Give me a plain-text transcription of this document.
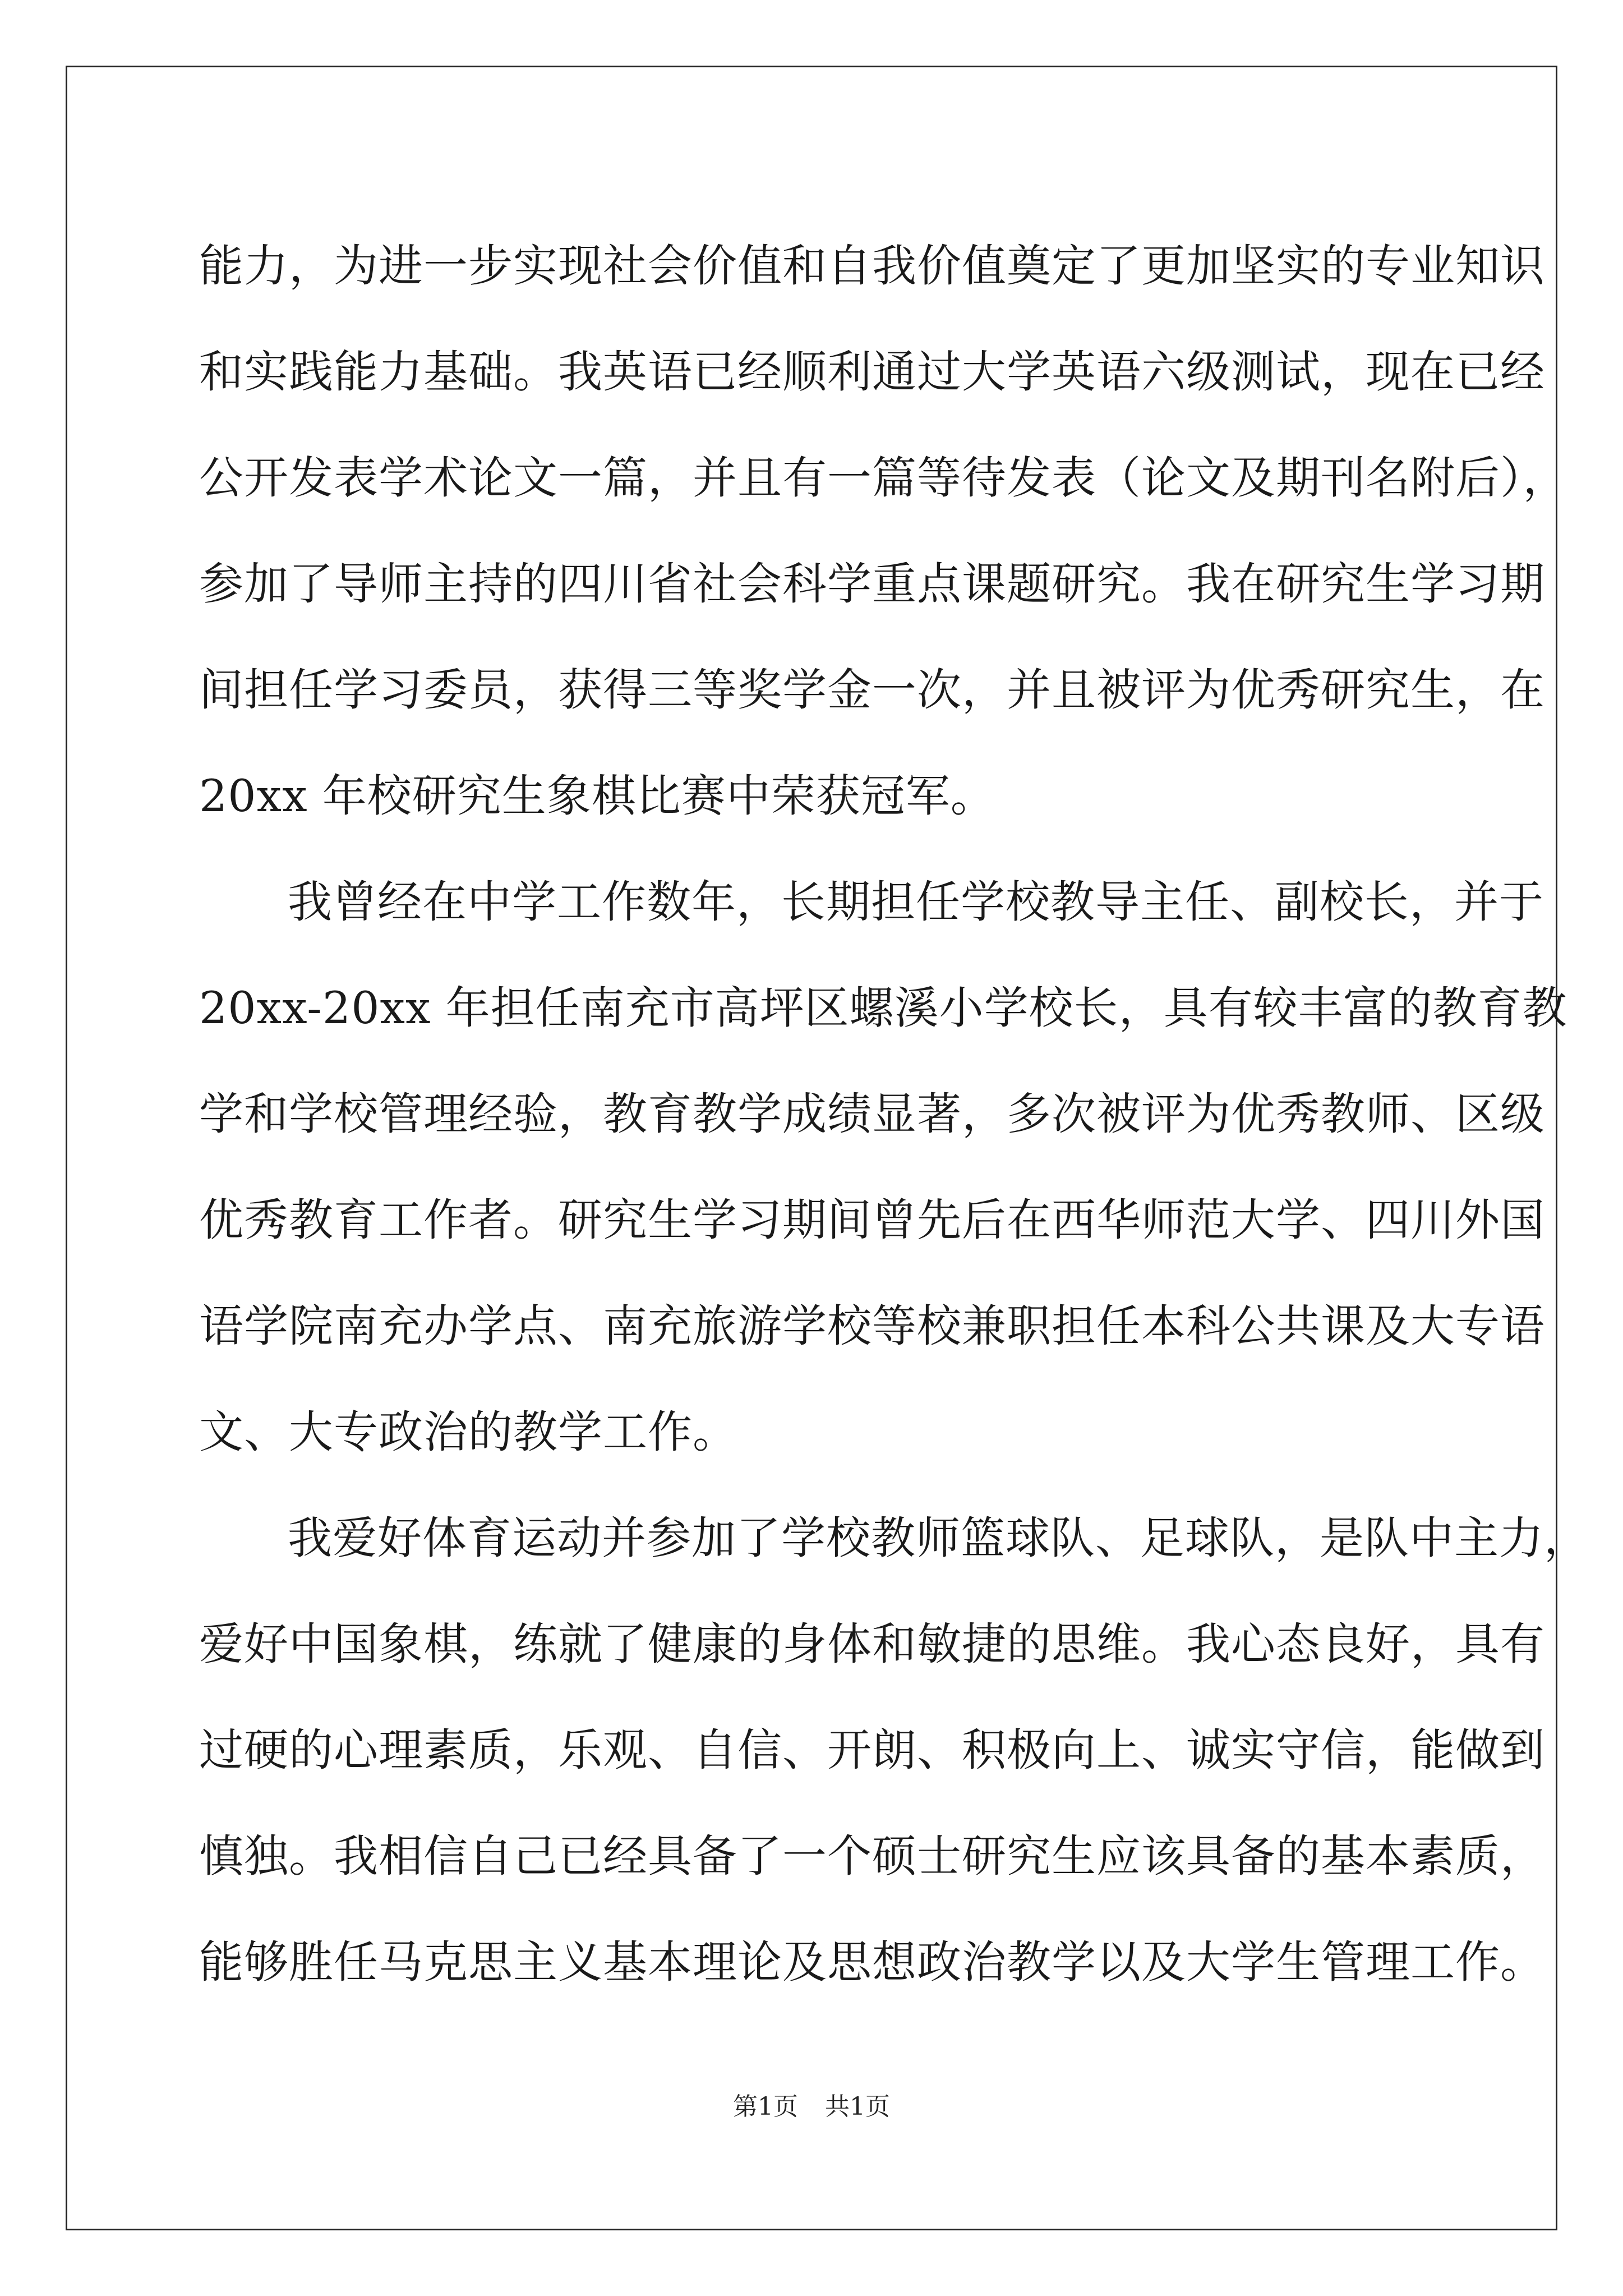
能力，为进一步实现社会价值和自我价值奠定了更加坚实的专业知识
和实践能力基础。我英语已经顺利通过大学英语六级测试，现在已经
公开发表学术论文一篇，并且有一篇等待发表（论文及期刊名附后），
参加了导师主持的四川省社会科学重点课题研究。我在研究生学习期
间担任学习委员，获得三等奖学金一次，并且被评为优秀研究生，在
20xx 年校研究生象棋比赛中荣获冠军。
我曾经在中学工作数年，长期担任学校教导主任、副校长，并于
20xx-20xx 年担任南充市高坪区螺溪小学校长，具有较丰富的教育教
学和学校管理经验，教育教学成绩显著，多次被评为优秀教师、区级
优秀教育工作者。研究生学习期间曾先后在西华师范大学、四川外国
语学院南充办学点、南充旅游学校等校兼职担任本科公共课及大专语
文、大专政治的教学工作。
我爱好体育运动并参加了学校教师篮球队、足球队，是队中主力，
爱好中国象棋，练就了健康的身体和敏捷的思维。我心态良好，具有
过硬的心理素质，乐观、自信、开朗、积极向上、诚实守信，能做到
慎独。我相信自己已经具备了一个硕士研究生应该具备的基本素质，
能够胜任马克思主义基本理论及思想政治教学以及大学生管理工作。
第1页 共1页
